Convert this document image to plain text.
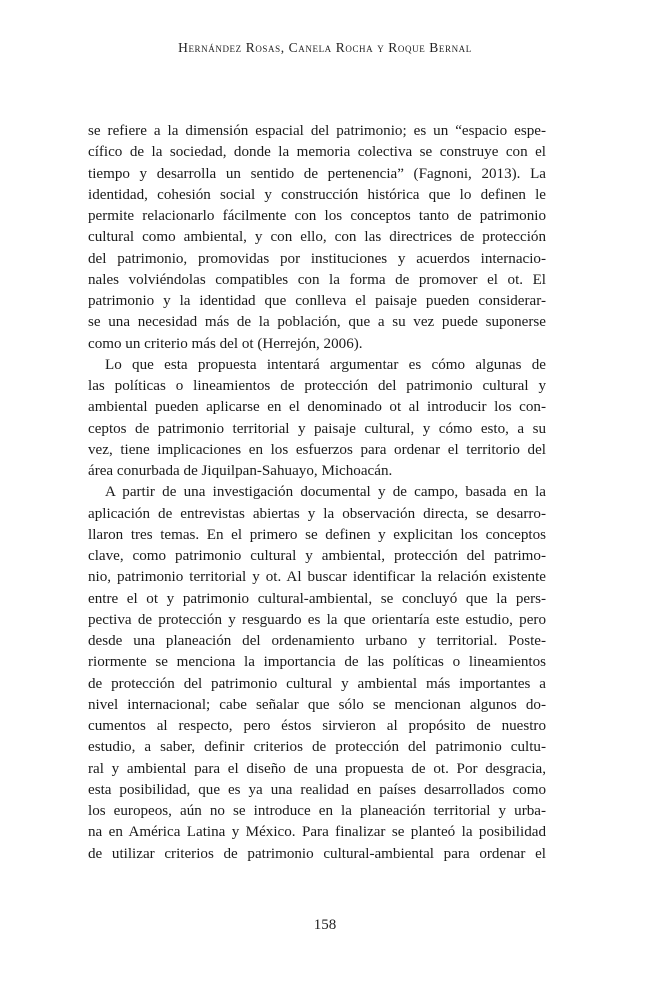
Hernández Rosas, Canela Rocha y Roque Bernal
se refiere a la dimensión espacial del patrimonio; es un “espacio espe-
cífico de la sociedad, donde la memoria colectiva se construye con el
tiempo y desarrolla un sentido de pertenencia” (Fagnoni, 2013). La
identidad, cohesión social y construcción histórica que lo definen le
permite relacionarlo fácilmente con los conceptos tanto de patrimonio
cultural como ambiental, y con ello, con las directrices de protección
del patrimonio, promovidas por instituciones y acuerdos internacio-
nales volviéndolas compatibles con la forma de promover el ot. El
patrimonio y la identidad que conlleva el paisaje pueden considerar-
se una necesidad más de la población, que a su vez puede suponerse
como un criterio más del ot (Herrejón, 2006).
Lo que esta propuesta intentará argumentar es cómo algunas de
las políticas o lineamientos de protección del patrimonio cultural y
ambiental pueden aplicarse en el denominado ot al introducir los con-
ceptos de patrimonio territorial y paisaje cultural, y cómo esto, a su
vez, tiene implicaciones en los esfuerzos para ordenar el territorio del
área conurbada de Jiquilpan-Sahuayo, Michoacán.
A partir de una investigación documental y de campo, basada en la
aplicación de entrevistas abiertas y la observación directa, se desarro-
llaron tres temas. En el primero se definen y explicitan los conceptos
clave, como patrimonio cultural y ambiental, protección del patrimo-
nio, patrimonio territorial y ot. Al buscar identificar la relación existente
entre el ot y patrimonio cultural-ambiental, se concluyó que la pers-
pectiva de protección y resguardo es la que orientaría este estudio, pero
desde una planeación del ordenamiento urbano y territorial. Poste-
riormente se menciona la importancia de las políticas o lineamientos
de protección del patrimonio cultural y ambiental más importantes a
nivel internacional; cabe señalar que sólo se mencionan algunos do-
cumentos al respecto, pero éstos sirvieron al propósito de nuestro
estudio, a saber, definir criterios de protección del patrimonio cultu-
ral y ambiental para el diseño de una propuesta de ot. Por desgracia,
esta posibilidad, que es ya una realidad en países desarrollados como
los europeos, aún no se introduce en la planeación territorial y urba-
na en América Latina y México. Para finalizar se planteó la posibilidad
de utilizar criterios de patrimonio cultural-ambiental para ordenar el
158
